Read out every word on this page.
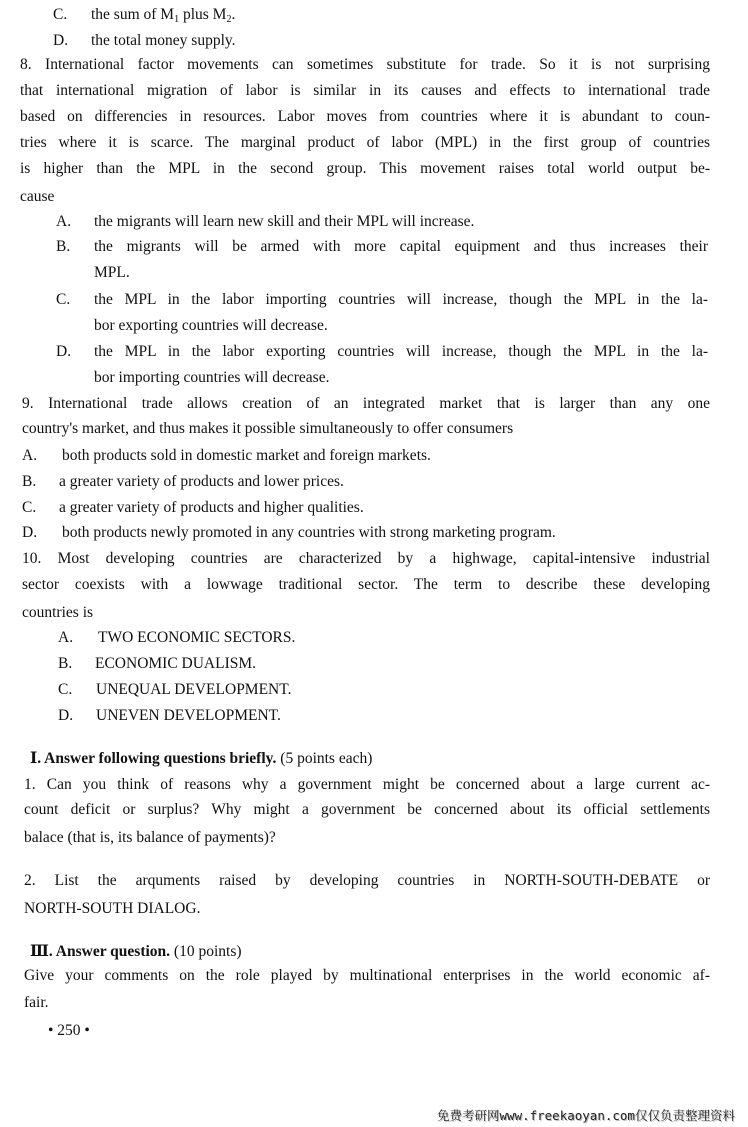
C. the sum of $M_1$ plus $M_2$.
D. the total money supply.
8. International factor movements can sometimes substitute for trade. So it is not surprising
that international migration of labor is similar in its causes and effects to international trade
based on differencies in resources. Labor moves from countries where it is abundant to coun-
tries where it is scarce. The marginal product of labor (MPL) in the first group of countries
is higher than the MPL in the second group. This movement raises total world output be-
cause
A. the migrants will learn new skill and their MPL will increase.
B. the migrants will be armed with more capital equipment and thus increases their
MPL.
C. the MPL in the labor importing countries will increase, though the MPL in the la-
bor exporting countries will decrease.
D. the MPL in the labor exporting countries will increase, though the MPL in the la-
bor importing countries will decrease.
9. International trade allows creation of an integrated market that is larger than any one
country's market, and thus makes it possible simultaneously to offer consumers
A. both products sold in domestic market and foreign markets.
B. a greater variety of products and lower prices.
C. a greater variety of products and higher qualities.
D. both products newly promoted in any countries with strong marketing program.
10. Most developing countries are characterized by a highwage, capital-intensive industrial
sector coexists with a lowwage traditional sector. The term to describe these developing
countries is
A. TWO ECONOMIC SECTORS.
B. ECONOMIC DUALISM.
C. UNEQUAL DEVELOPMENT.
D. UNEVEN DEVELOPMENT.
Ⅰ. Answer following questions briefly. (5 points each)
1. Can you think of reasons why a government might be concerned about a large current ac-
count deficit or surplus? Why might a government be concerned about its official settlements
balace (that is, its balance of payments)?
2. List the arquments raised by developing countries in NORTH-SOUTH-DEBATE or
NORTH-SOUTH DIALOG.
Ⅲ. Answer question. (10 points)
Give your comments on the role played by multinational enterprises in the world economic af-
fair.
• 250 •
免费考研网www.freekaoyan.com仅仅负责整理资料
